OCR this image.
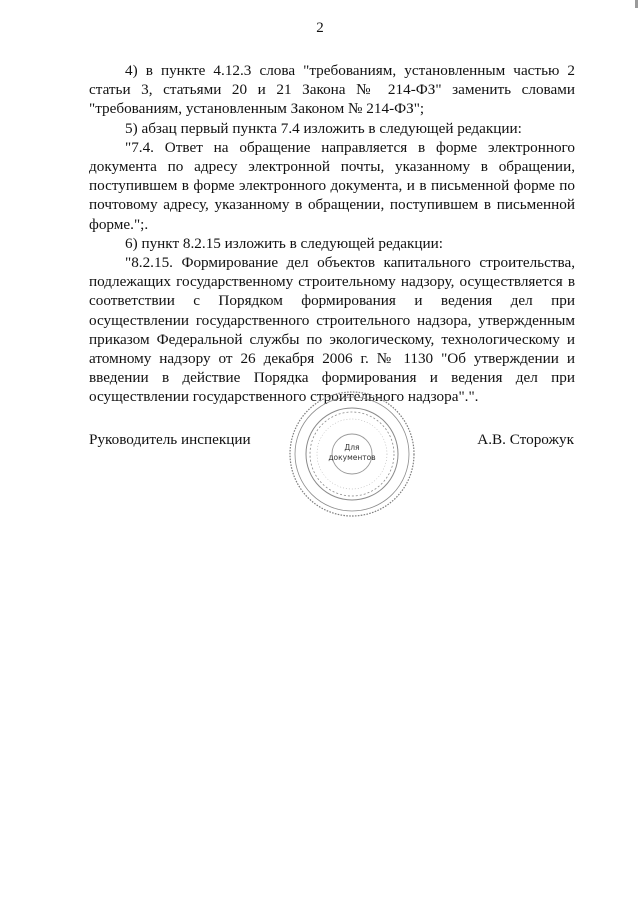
2

4) в пункте 4.12.3 слова "требованиям, установленным частью 2 статьи 3, статьями 20 и 21 Закона № 214-ФЗ" заменить словами "требованиям, установленным Законом № 214-ФЗ";

5) абзац первый пункта 7.4 изложить в следующей редакции:

"7.4. Ответ на обращение направляется в форме электронного документа по адресу электронной почты, указанному в обращении, поступившем в форме электронного документа, и в письменной форме по почтовому адресу, указанному в обращении, поступившем в письменной форме.";.

6) пункт 8.2.15 изложить в следующей редакции:

"8.2.15. Формирование дел объектов капитального строительства, подлежащих государственному строительному надзору, осуществляется в соответствии с Порядком формирования и ведения дел при осуществлении государственного строительного надзора, утвержденным приказом Федеральной службы по экологическому, технологическому и атомному надзору от 26 декабря 2006 г. № 1130 "Об утверждении и введении в действие Порядка формирования и ведения дел при осуществлении государственного строительного надзора".".

Руководитель инспекции	Для
документов
А.В. Сторожук
